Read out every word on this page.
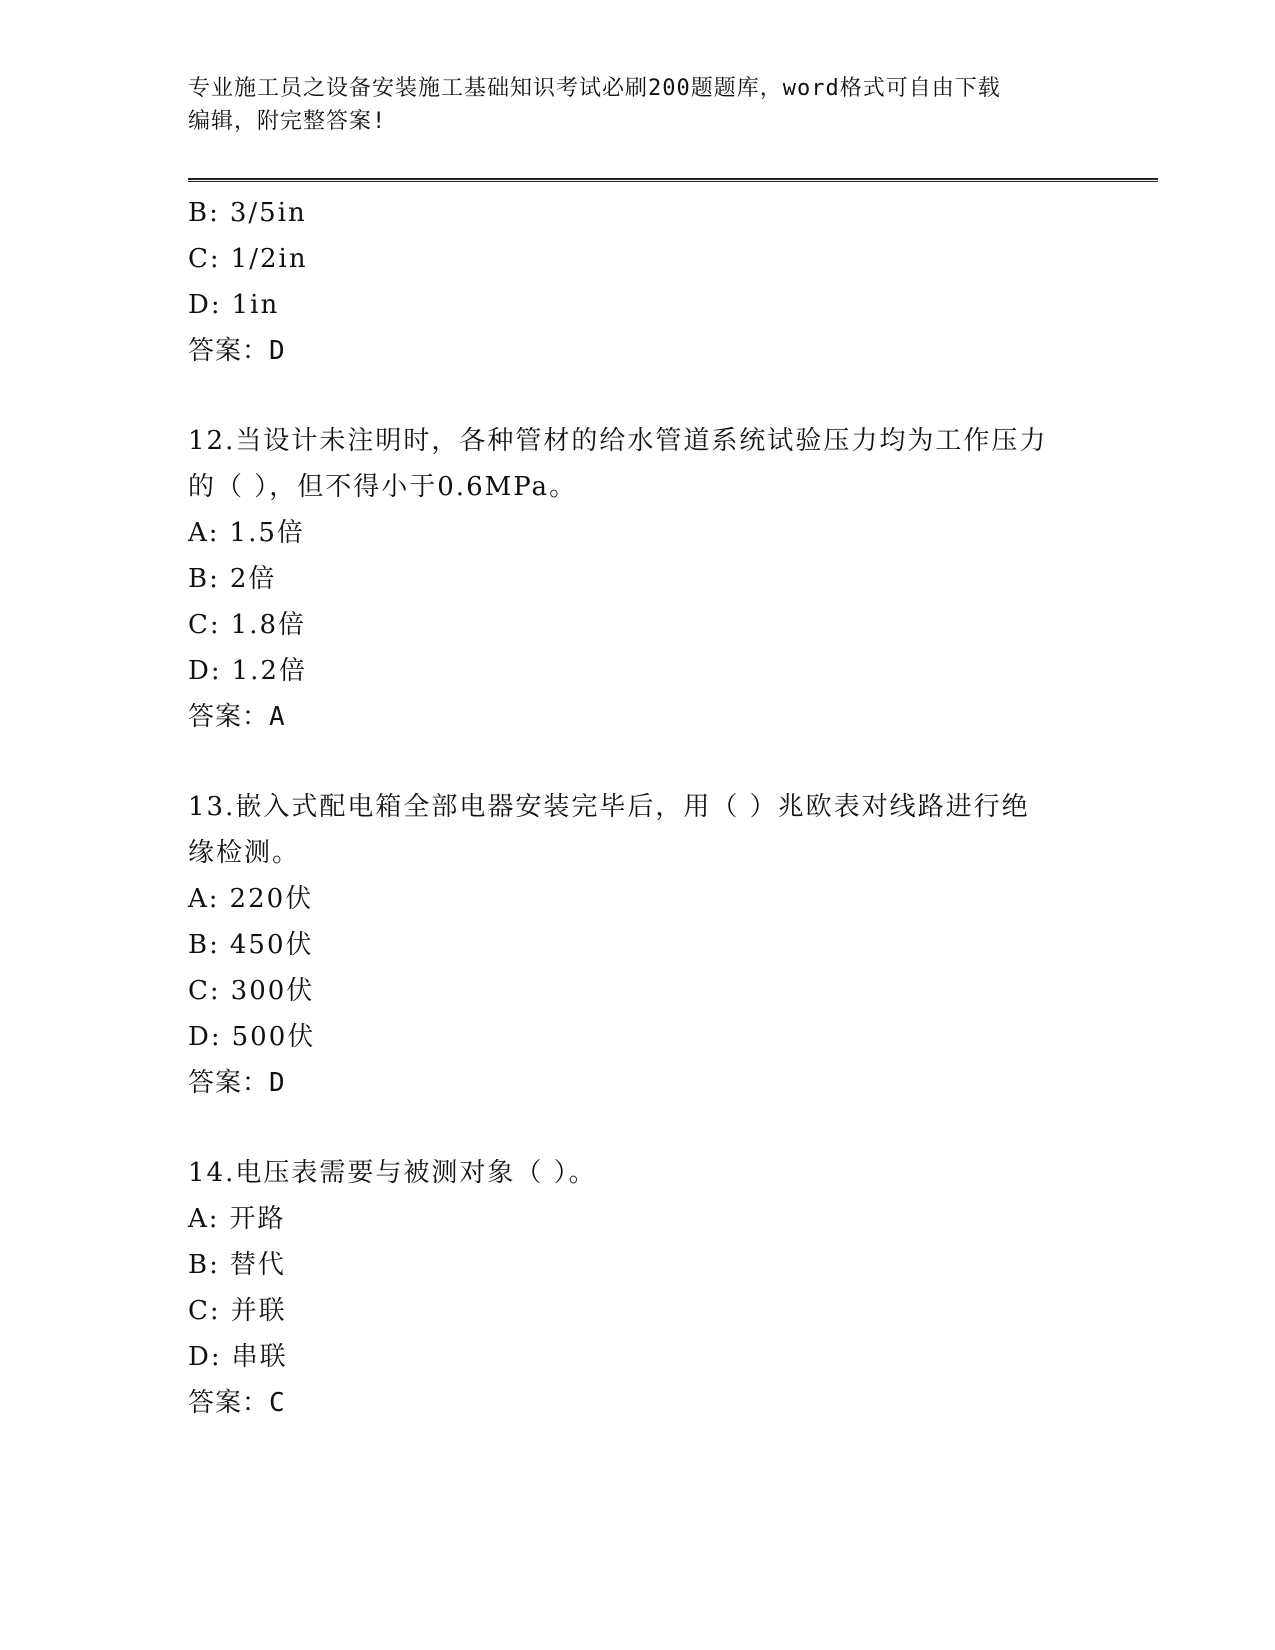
专业施工员之设备安装施工基础知识考试必刷200题题库，word格式可自由下载
编辑，附完整答案!
B: 3/5in
C: 1/2in
D: 1in
答案：D
12.当设计未注明时，各种管材的给水管道系统试验压力均为工作压力
的（ ），但不得小于0.6MPa。
A: 1.5倍
B: 2倍
C: 1.8倍
D: 1.2倍
答案：A
13.嵌入式配电箱全部电器安装完毕后，用（ ）兆欧表对线路进行绝
缘检测。
A: 220伏
B: 450伏
C: 300伏
D: 500伏
答案：D
14.电压表需要与被测对象（ ）。
A: 开路
B: 替代
C: 并联
D: 串联
答案：C
